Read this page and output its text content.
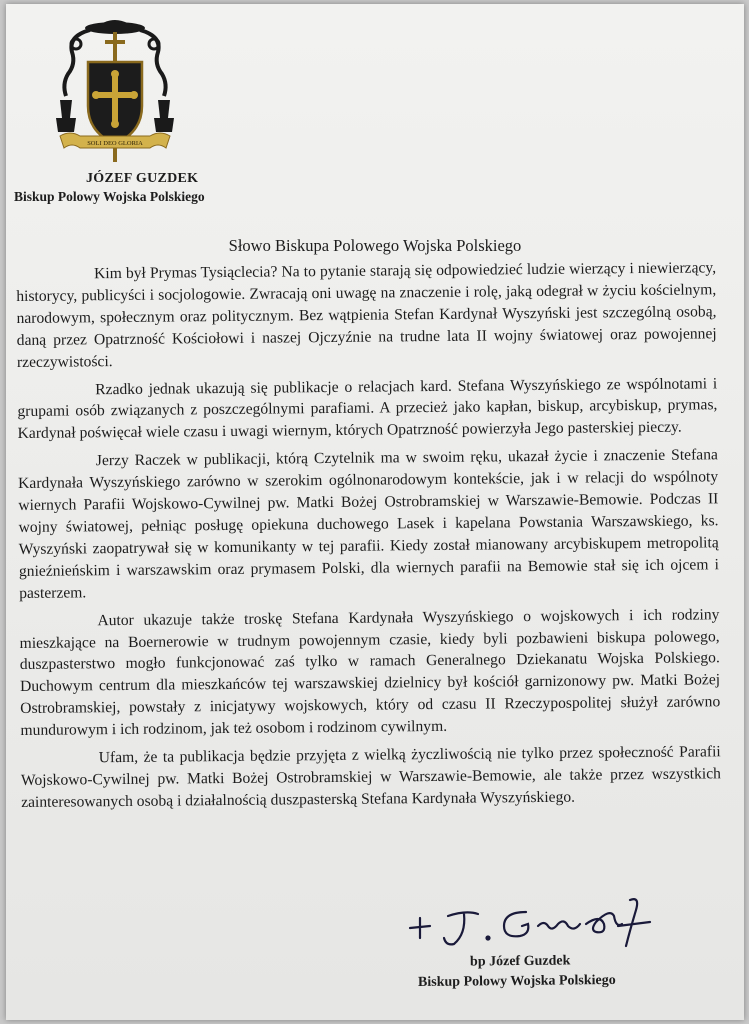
SOLI DEO GLORIA
JÓZEF GUZDEK
Biskup Polowy Wojska Polskiego
Słowo Biskupa Polowego Wojska Polskiego

Kim był Prymas Tysiąclecia? Na to pytanie starają się odpowiedzieć ludzie wierzący i niewierzący, historycy, publicyści i socjologowie. Zwracają oni uwagę na znaczenie i rolę, jaką odegrał w życiu kościelnym, narodowym, społecznym oraz politycznym. Bez wątpienia Stefan Kardynał Wyszyński jest szczególną osobą, daną przez Opatrzność Kościołowi i naszej Ojczyźnie na trudne lata II wojny światowej oraz powojennej rzeczywistości.

Rzadko jednak ukazują się publikacje o relacjach kard. Stefana Wyszyńskiego ze wspólnotami i grupami osób związanych z poszczególnymi parafiami. A przecież jako kapłan, biskup, arcybiskup, prymas, Kardynał poświęcał wiele czasu i uwagi wiernym, których Opatrzność powierzyła Jego pasterskiej pieczy.

Jerzy Raczek w publikacji, którą Czytelnik ma w swoim ręku, ukazał życie i znaczenie Stefana Kardynała Wyszyńskiego zarówno w szerokim ogólnonarodowym kontekście, jak i w relacji do wspólnoty wiernych Parafii Wojskowo-Cywilnej pw. Matki Bożej Ostrobramskiej w Warszawie-Bemowie. Podczas II wojny światowej, pełniąc posługę opiekuna duchowego Lasek i kapelana Powstania Warszawskiego, ks. Wyszyński zaopatrywał się w komunikanty w tej parafii. Kiedy został mianowany arcybiskupem metropolitą gnieźnieńskim i warszawskim oraz prymasem Polski, dla wiernych parafii na Bemowie stał się ich ojcem i pasterzem.

Autor ukazuje także troskę Stefana Kardynała Wyszyńskiego o wojskowych i ich rodziny mieszkające na Boernerowie w trudnym powojennym czasie, kiedy byli pozbawieni biskupa polowego, duszpasterstwo mogło funkcjonować zaś tylko w ramach Generalnego Dziekanatu Wojska Polskiego. Duchowym centrum dla mieszkańców tej warszawskiej dzielnicy był kościół garnizonowy pw. Matki Bożej Ostrobramskiej, powstały z inicjatywy wojskowych, który od czasu II Rzeczypospolitej służył zarówno mundurowym i ich rodzinom, jak też osobom i rodzinom cywilnym.

Ufam, że ta publikacja będzie przyjęta z wielką życzliwością nie tylko przez społeczność Parafii Wojskowo-Cywilnej pw. Matki Bożej Ostrobramskiej w Warszawie-Bemowie, ale także przez wszystkich zainteresowanych osobą i działalnością duszpasterską Stefana Kardynała Wyszyńskiego.

bp Józef Guzdek
Biskup Polowy Wojska Polskiego
